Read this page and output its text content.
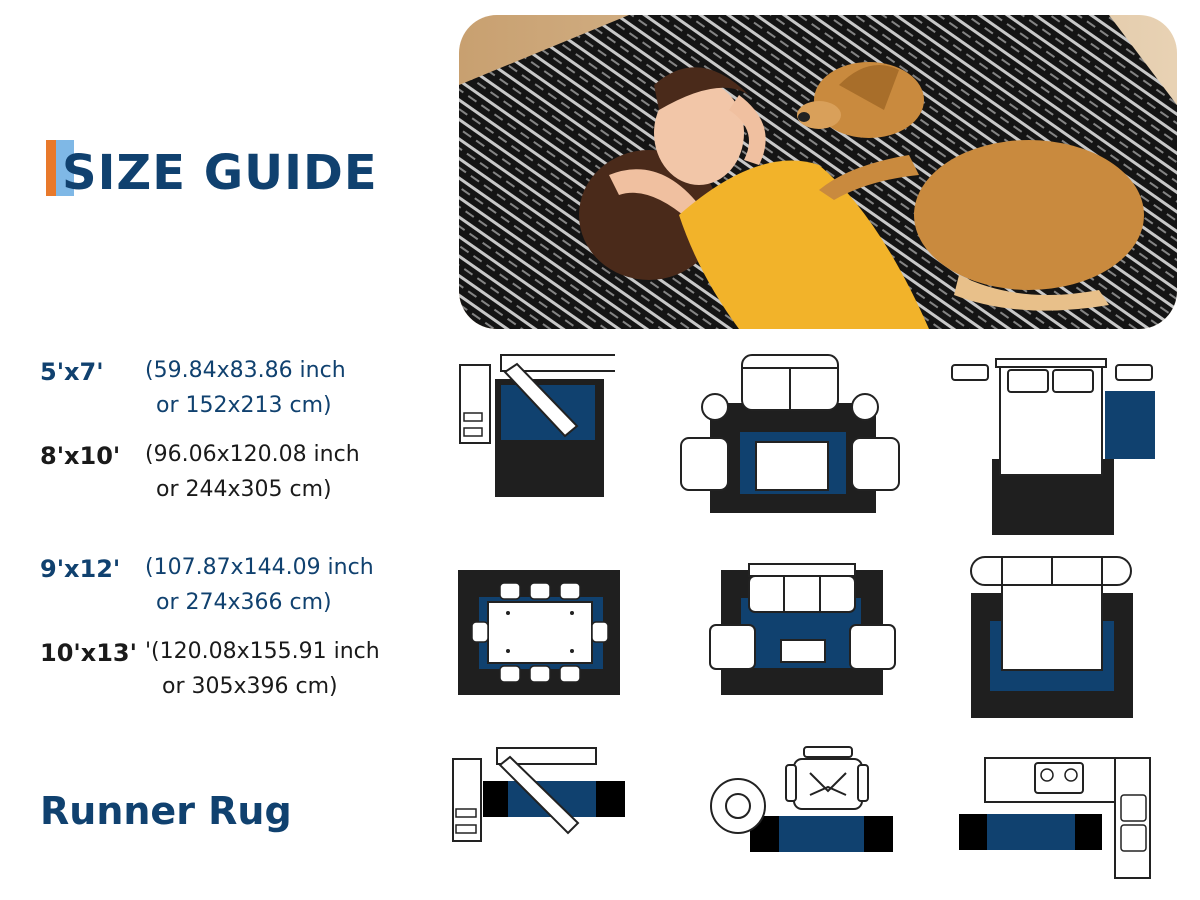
SIZE GUIDE
5'x7' (59.84x83.86 inch
or 152x213 cm)
8'x10' (96.06x120.08 inch
or 244x305 cm)
9'x12' (107.87x144.09 inch
or 274x366 cm)
10'x13' '(120.08x155.91 inch
or 305x396 cm)
Runner Rug
